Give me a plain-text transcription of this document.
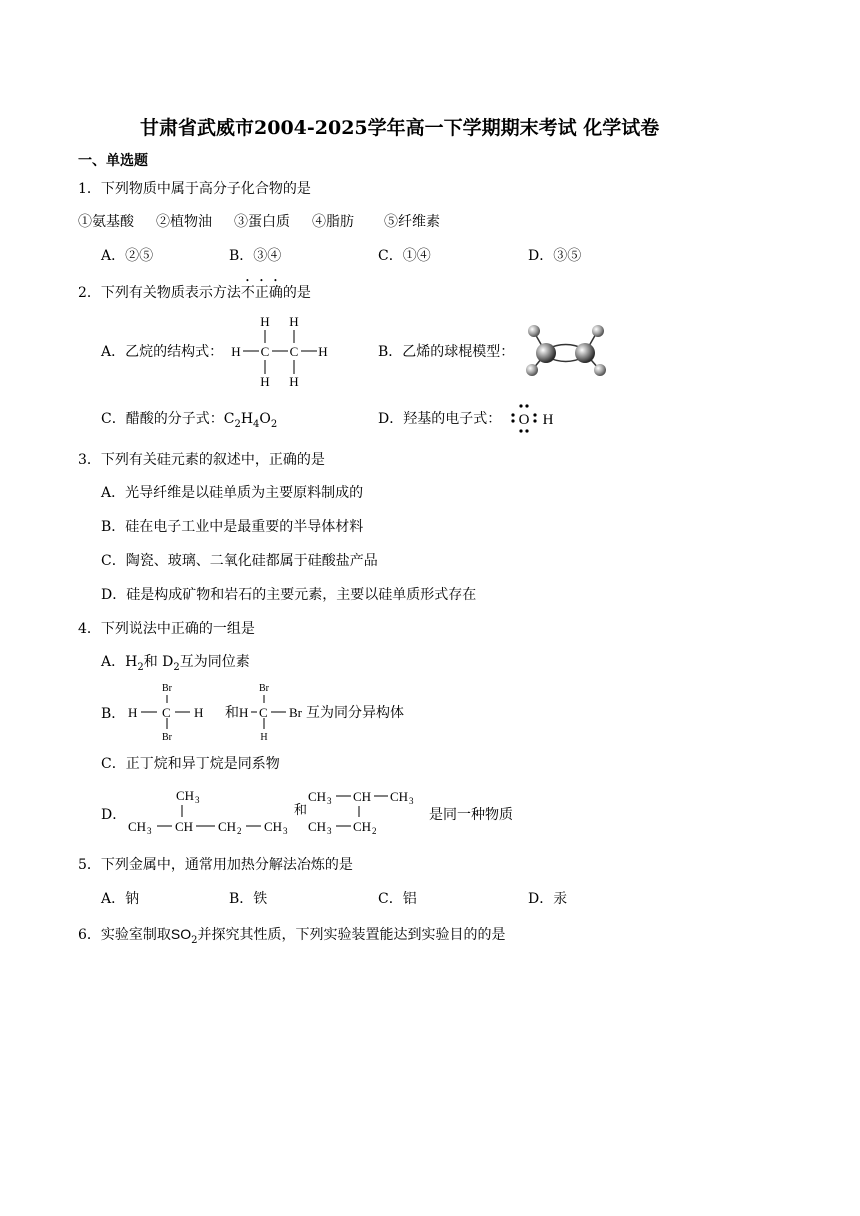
甘肃省武威市2004-2025学年高一下学期期末考试 化学试卷
一、单选题
1．下列物质中属于高分子化合物的是
①氨基酸 ②植物油 ③蛋白质 ④脂肪 ⑤纤维素
A．②⑤	B．③④	C．①④	D．③⑤
2．下列有关物质表示方法不正确的是
A．乙烷的结构式：
H H
H C C H
H H
B．乙烯的球棍模型：
C．醋酸的分子式：$C_2H_4O_2$	D．羟基的电子式： O H
3．下列有关硅元素的叙述中，正确的是
A．光导纤维是以硅单质为主要原料制成的
B．硅在电子工业中是最重要的半导体材料
C．陶瓷、玻璃、二氧化硅都属于硅酸盐产品
D．硅是构成矿物和岩石的主要元素，主要以硅单质形式存在
4．下列说法中正确的一组是
A．$H_2$和 $D_2$互为同位素
B． H C H 和 H C Br 互为同分异构体
Br
Br
Br
H
C．正丁烷和异丁烷是同系物
D．
CH 3
CH 3 CH CH 2 CH 3
和
CH 3 CH CH 3
CH 3 CH 2
是同一种物质
5．下列金属中，通常用加热分解法冶炼的是
A．钠	B．铁	C．铝	D．汞
6．实验室制取$SO_2$并探究其性质，下列实验装置能达到实验目的的是
